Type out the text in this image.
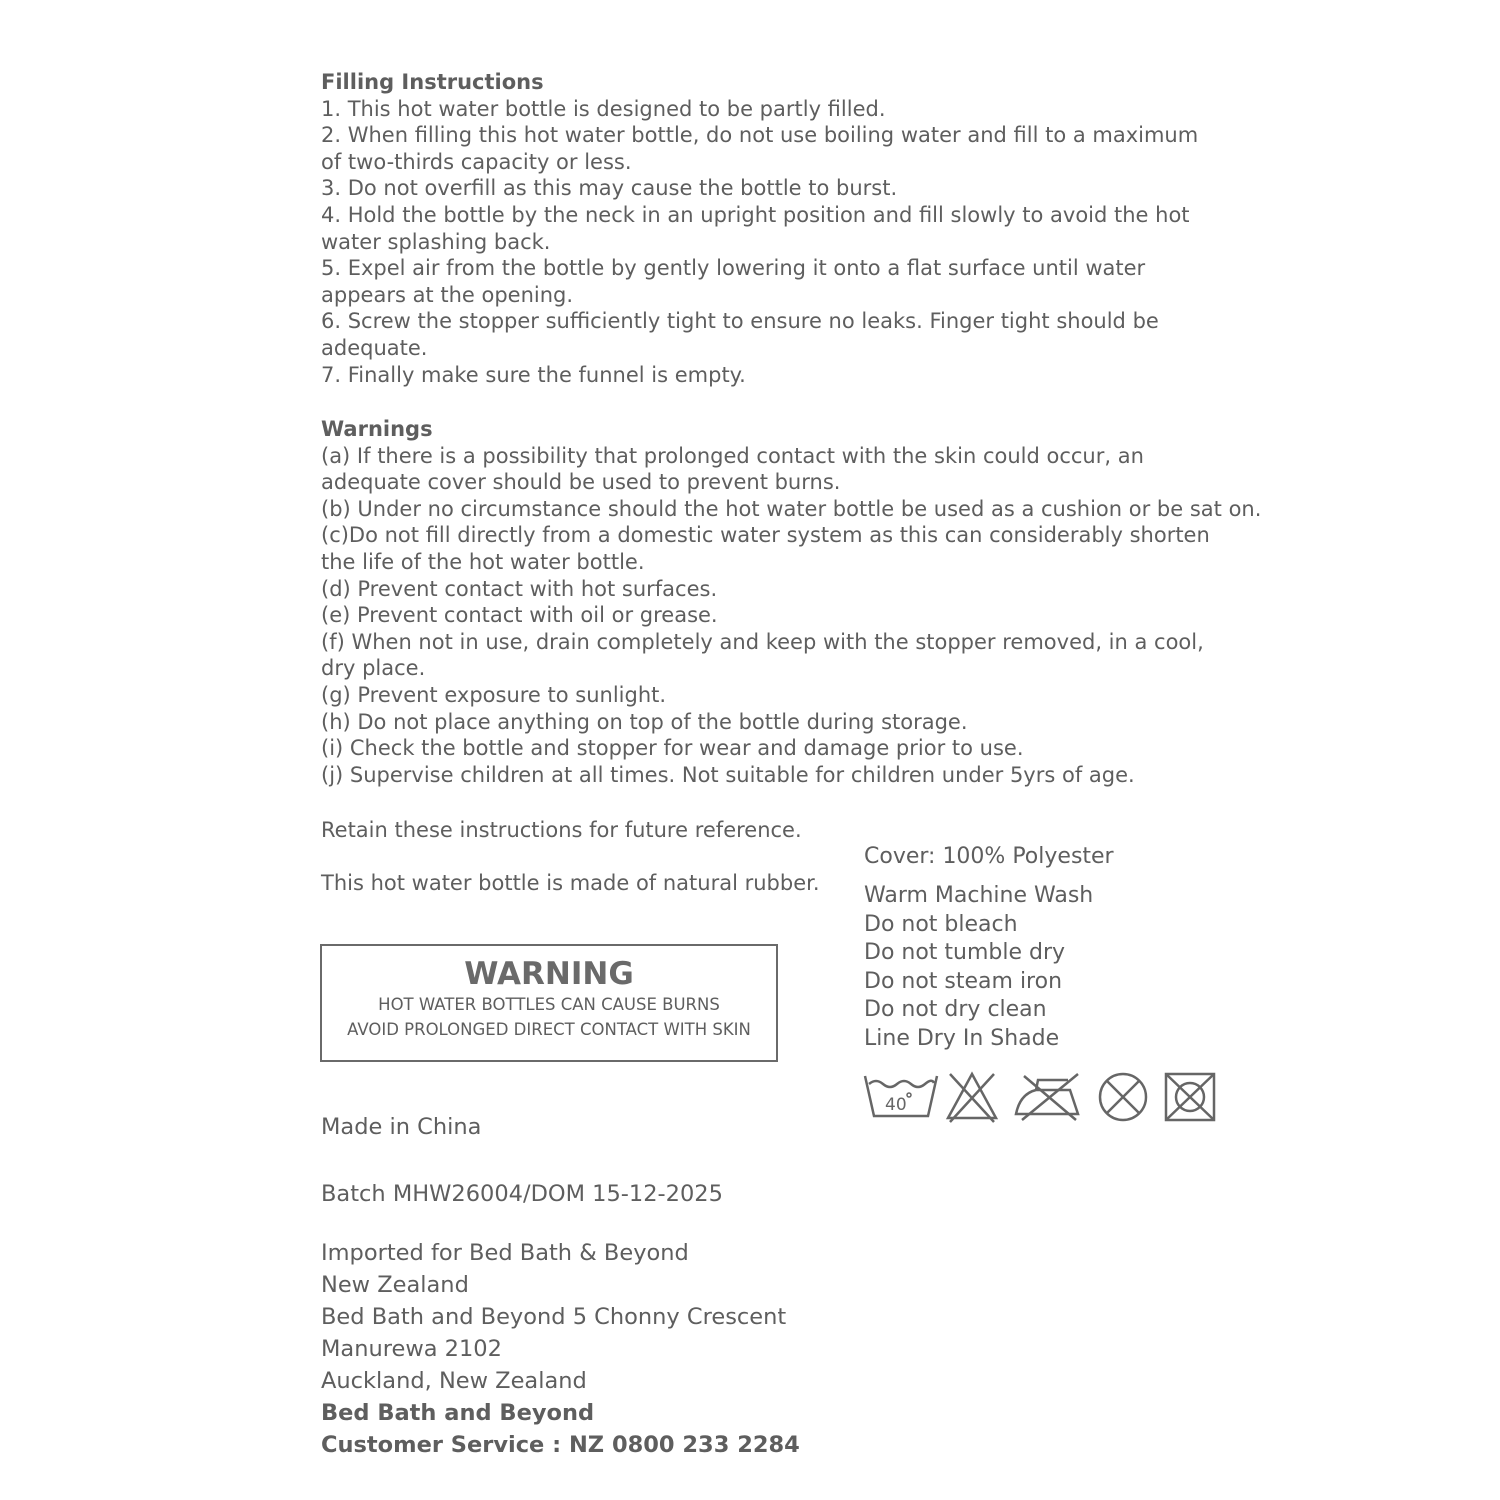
Filling Instructions
1. This hot water bottle is designed to be partly filled.
2. When filling this hot water bottle, do not use boiling water and fill to a maximum
of two-thirds capacity or less.
3. Do not overfill as this may cause the bottle to burst.
4. Hold the bottle by the neck in an upright position and fill slowly to avoid the hot
water splashing back.
5. Expel air from the bottle by gently lowering it onto a flat surface until water
appears at the opening.
6. Screw the stopper sufficiently tight to ensure no leaks. Finger tight should be
adequate.
7. Finally make sure the funnel is empty.
Warnings
(a) If there is a possibility that prolonged contact with the skin could occur, an
adequate cover should be used to prevent burns.
(b) Under no circumstance should the hot water bottle be used as a cushion or be sat on.
(c)Do not fill directly from a domestic water system as this can considerably shorten
the life of the hot water bottle.
(d) Prevent contact with hot surfaces.
(e) Prevent contact with oil or grease.
(f) When not in use, drain completely and keep with the stopper removed, in a cool,
dry place.
(g) Prevent exposure to sunlight.
(h) Do not place anything on top of the bottle during storage.
(i) Check the bottle and stopper for wear and damage prior to use.
(j) Supervise children at all times. Not suitable for children under 5yrs of age.
Retain these instructions for future reference.
This hot water bottle is made of natural rubber.
WARNING
HOT WATER BOTTLES CAN CAUSE BURNS
AVOID PROLONGED DIRECT CONTACT WITH SKIN
Cover: 100% Polyester
Warm Machine Wash
Do not bleach
Do not tumble dry
Do not steam iron
Do not dry clean
Line Dry In Shade
40
Made in China
Batch MHW26004/DOM 15-12-2025
Imported for Bed Bath & Beyond
New Zealand
Bed Bath and Beyond 5 Chonny Crescent
Manurewa 2102
Auckland, New Zealand
Bed Bath and Beyond
Customer Service : NZ 0800 233 2284
